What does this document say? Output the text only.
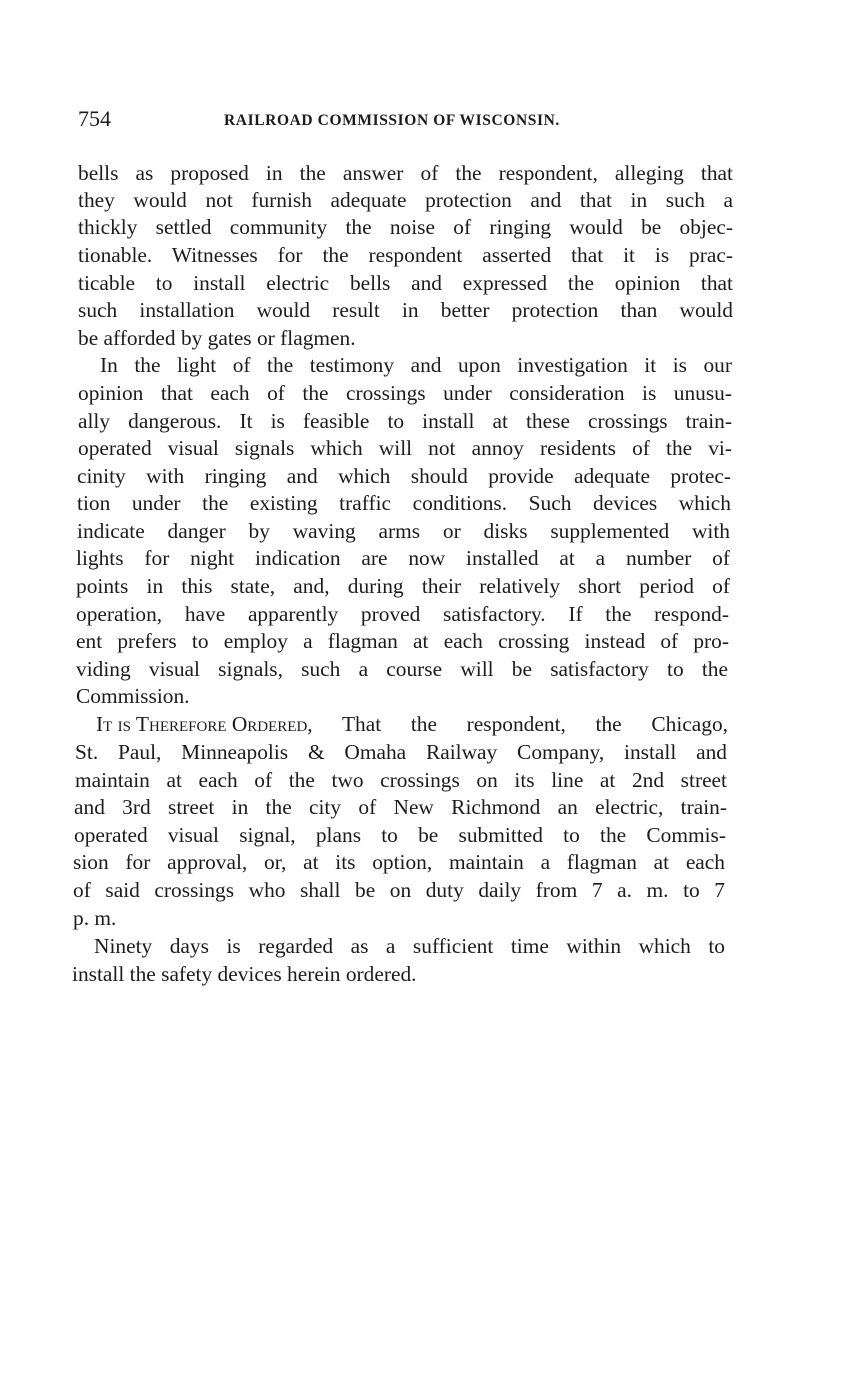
754	RAILROAD COMMISSION OF WISCONSIN.
bells as proposed in the answer of the respondent, alleging that
they would not furnish adequate protection and that in such a
thickly settled community the noise of ringing would be objec-
tionable. Witnesses for the respondent asserted that it is prac-
ticable to install electric bells and expressed the opinion that
such installation would result in better protection than would
be afforded by gates or flagmen.
In the light of the testimony and upon investigation it is our
opinion that each of the crossings under consideration is unusu-
ally dangerous. It is feasible to install at these crossings train-
operated visual signals which will not annoy residents of the vi-
cinity with ringing and which should provide adequate protec-
tion under the existing traffic conditions. Such devices which
indicate danger by waving arms or disks supplemented with
lights for night indication are now installed at a number of
points in this state, and, during their relatively short period of
operation, have apparently proved satisfactory. If the respond-
ent prefers to employ a flagman at each crossing instead of pro-
viding visual signals, such a course will be satisfactory to the
Commission.
It is Therefore Ordered, That the respondent, the Chicago,
St. Paul, Minneapolis & Omaha Railway Company, install and
maintain at each of the two crossings on its line at 2nd street
and 3rd street in the city of New Richmond an electric, train-
operated visual signal, plans to be submitted to the Commis-
sion for approval, or, at its option, maintain a flagman at each
of said crossings who shall be on duty daily from 7 a. m. to 7
p. m.
Ninety days is regarded as a sufficient time within which to
install the safety devices herein ordered.
